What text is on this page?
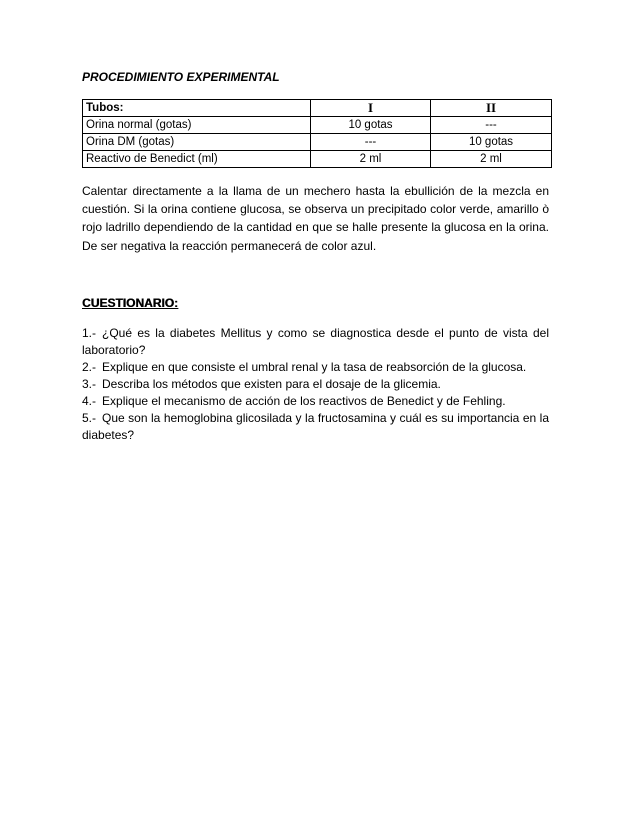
PROCEDIMIENTO EXPERIMENTAL
Tubos:	I	II
Orina normal (gotas)	10 gotas	---
Orina DM (gotas)	---	10 gotas
Reactivo de Benedict (ml)	2 ml	2 ml

Calentar directamente a la llama de un mechero hasta la ebullición de la mezcla en cuestión. Si la orina contiene glucosa, se observa un precipitado color verde, amarillo ò rojo ladrillo dependiendo de la cantidad en que se halle presente la glucosa en la orina. De ser negativa la reacción permanecerá de color azul.

CUESTIONARIO:
1.- ¿Qué es la diabetes Mellitus y como se diagnostica desde el punto de vista del laboratorio?
2.- Explique en que consiste el umbral renal y la tasa de reabsorción de la glucosa.
3.- Describa los métodos que existen para el dosaje de la glicemia.
4.- Explique el mecanismo de acción de los reactivos de Benedict y de Fehling.
5.- Que son la hemoglobina glicosilada y la fructosamina y cuál es su importancia en la diabetes?
